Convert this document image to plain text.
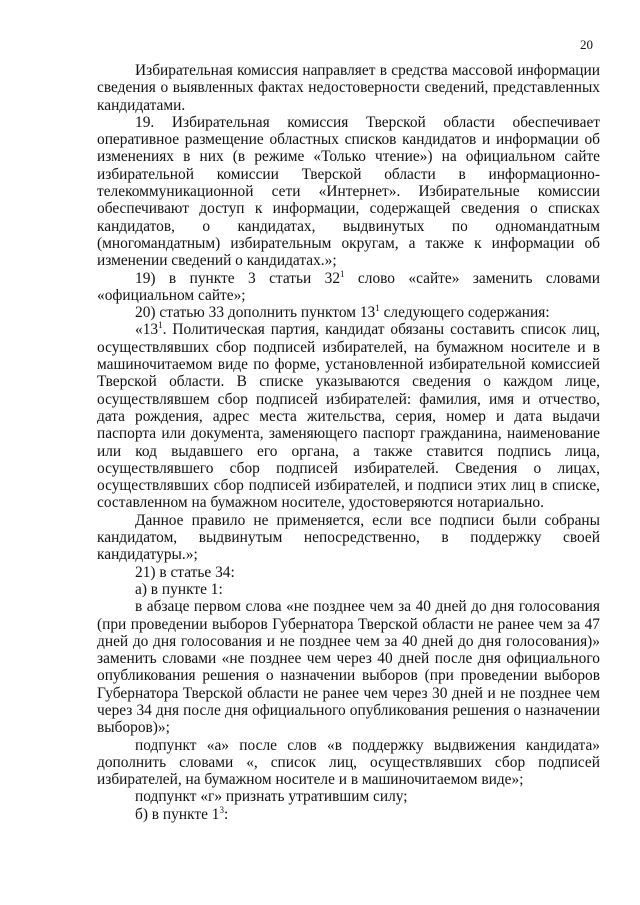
20

Избирательная комиссия направляет в средства массовой информации сведения о выявленных фактах недостоверности сведений, представленных кандидатами.

19. Избирательная комиссия Тверской области обеспечивает оперативное размещение областных списков кандидатов и информации об изменениях в них (в режиме «Только чтение») на официальном сайте избирательной комиссии Тверской области в информационно-телекоммуникационной сети «Интернет». Избирательные комиссии обеспечивают доступ к информации, содержащей сведения о списках кандидатов, о кандидатах, выдвинутых по одномандатным (многомандатным) избирательным округам, а также к информации об изменении сведений о кандидатах.»;

19) в пункте 3 статьи $32^1$ слово «сайте» заменить словами «официальном сайте»;

20) статью 33 дополнить пунктом $13^1$ следующего содержания:

«$13^1$. Политическая партия, кандидат обязаны составить список лиц, осуществлявших сбор подписей избирателей, на бумажном носителе и в машиночитаемом виде по форме, установленной избирательной комиссией Тверской области. В списке указываются сведения о каждом лице, осуществлявшем сбор подписей избирателей: фамилия, имя и отчество, дата рождения, адрес места жительства, серия, номер и дата выдачи паспорта или документа, заменяющего паспорт гражданина, наименование или код выдавшего его органа, а также ставится подпись лица, осуществлявшего сбор подписей избирателей. Сведения о лицах, осуществлявших сбор подписей избирателей, и подписи этих лиц в списке, составленном на бумажном носителе, удостоверяются нотариально.

Данное правило не применяется, если все подписи были собраны кандидатом, выдвинутым непосредственно, в поддержку своей кандидатуры.»;

21) в статье 34:

а) в пункте 1:

в абзаце первом слова «не позднее чем за 40 дней до дня голосования (при проведении выборов Губернатора Тверской области не ранее чем за 47 дней до дня голосования и не позднее чем за 40 дней до дня голосования)» заменить словами «не позднее чем через 40 дней после дня официального опубликования решения о назначении выборов (при проведении выборов Губернатора Тверской области не ранее чем через 30 дней и не позднее чем через 34 дня после дня официального опубликования решения о назначении выборов)»;

подпункт «а» после слов «в поддержку выдвижения кандидата» дополнить словами «, список лиц, осуществлявших сбор подписей избирателей, на бумажном носителе и в машиночитаемом виде»;

подпункт «г» признать утратившим силу;

б) в пункте $1^3$:
